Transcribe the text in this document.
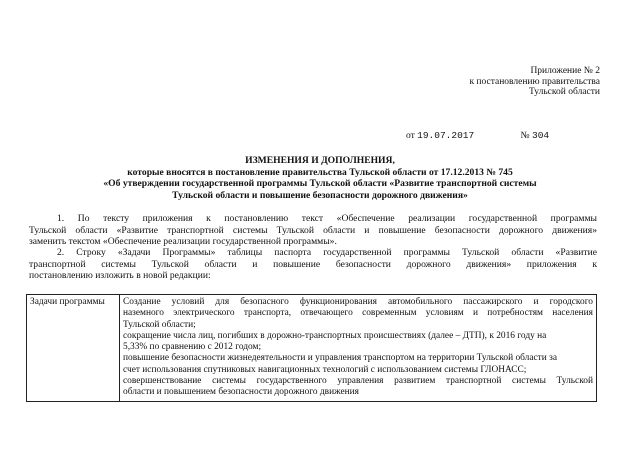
Приложение № 2
к постановлению правительства
Тульской области
от 19.07.2017	№ 304
ИЗМЕНЕНИЯ И ДОПОЛНЕНИЯ,
которые вносятся в постановление правительства Тульской области от 17.12.2013 № 745
«Об утверждении государственной программы Тульской области «Развитие транспортной системы
Тульской области и повышение безопасности дорожного движения»
1. По тексту приложения к постановлению текст «Обеспечение реализации государственной программы
Тульской области «Развитие транспортной системы Тульской области и повышение безопасности дорожного движения»
заменить текстом «Обеспечение реализации государственной программы».
2. Строку «Задачи Программы» таблицы паспорта государственной программы Тульской области «Развитие
транспортной системы Тульской области и повышение безопасности дорожного движения» приложения к
постановлению изложить в новой редакции:
Задачи программы	Создание условий для безопасного функционирования автомобильного пассажирского и городского
наземного электрического транспорта, отвечающего современным условиям и потребностям населения
Тульской области;
сокращение числа лиц, погибших в дорожно-транспортных происшествиях (далее – ДТП), к 2016 году на
5,33% по сравнению с 2012 годом;
повышение безопасности жизнедеятельности и управления транспортом на территории Тульской области за
счет использования спутниковых навигационных технологий с использованием системы ГЛОНАСС;
совершенствование системы государственного управления развитием транспортной системы Тульской
области и повышением безопасности дорожного движения
